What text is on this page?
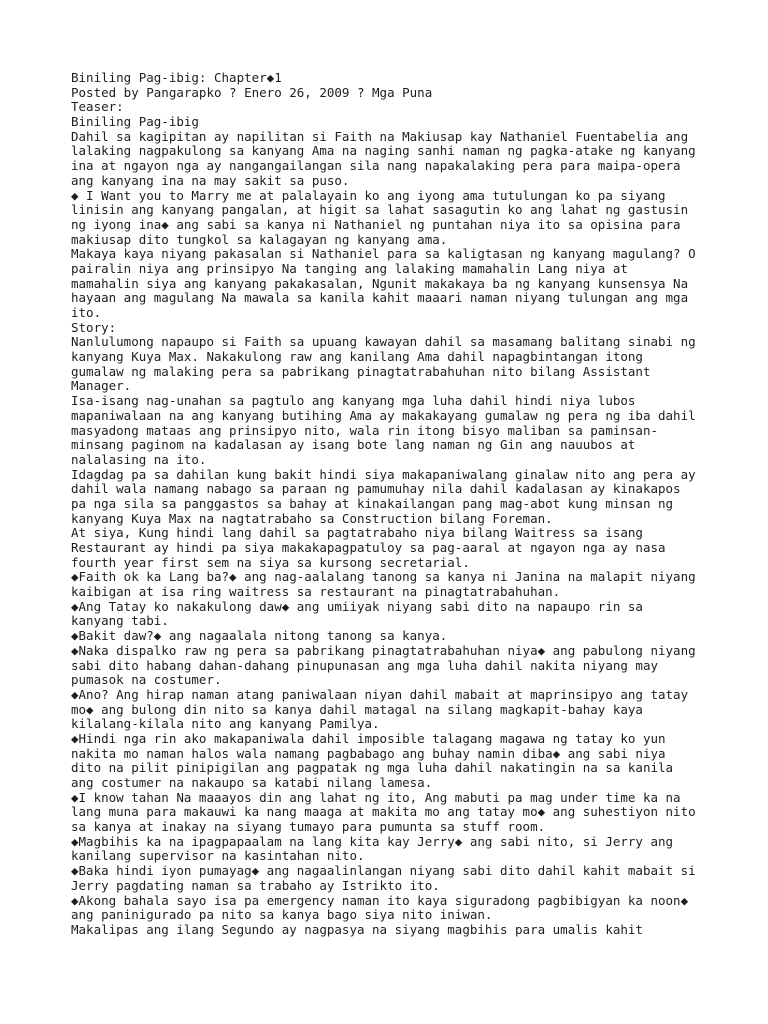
Biniling Pag-ibig: Chapter◆1
Posted by Pangarapko ? Enero 26, 2009 ? Mga Puna
Teaser:
Biniling Pag-ibig
Dahil sa kagipitan ay napilitan si Faith na Makiusap kay Nathaniel Fuentabelia ang
lalaking nagpakulong sa kanyang Ama na naging sanhi naman ng pagka-atake ng kanyang
ina at ngayon nga ay nangangailangan sila nang napakalaking pera para maipa-opera
ang kanyang ina na may sakit sa puso.
◆ I Want you to Marry me at palalayain ko ang iyong ama tutulungan ko pa siyang
linisin ang kanyang pangalan, at higit sa lahat sasagutin ko ang lahat ng gastusin
ng iyong ina◆ ang sabi sa kanya ni Nathaniel ng puntahan niya ito sa opisina para
makiusap dito tungkol sa kalagayan ng kanyang ama.
Makaya kaya niyang pakasalan si Nathaniel para sa kaligtasan ng kanyang magulang? O
pairalin niya ang prinsipyo Na tanging ang lalaking mamahalin Lang niya at
mamahalin siya ang kanyang pakakasalan, Ngunit makakaya ba ng kanyang kunsensya Na
hayaan ang magulang Na mawala sa kanila kahit maaari naman niyang tulungan ang mga
ito.
Story:
Nanlulumong napaupo si Faith sa upuang kawayan dahil sa masamang balitang sinabi ng
kanyang Kuya Max. Nakakulong raw ang kanilang Ama dahil napagbintangan itong
gumalaw ng malaking pera sa pabrikang pinagtatrabahuhan nito bilang Assistant
Manager.
Isa-isang nag-unahan sa pagtulo ang kanyang mga luha dahil hindi niya lubos
mapaniwalaan na ang kanyang butihing Ama ay makakayang gumalaw ng pera ng iba dahil
masyadong mataas ang prinsipyo nito, wala rin itong bisyo maliban sa paminsan-
minsang paginom na kadalasan ay isang bote lang naman ng Gin ang nauubos at
nalalasing na ito.
Idagdag pa sa dahilan kung bakit hindi siya makapaniwalang ginalaw nito ang pera ay
dahil wala namang nabago sa paraan ng pamumuhay nila dahil kadalasan ay kinakapos
pa nga sila sa panggastos sa bahay at kinakailangan pang mag-abot kung minsan ng
kanyang Kuya Max na nagtatrabaho sa Construction bilang Foreman.
At siya, Kung hindi lang dahil sa pagtatrabaho niya bilang Waitress sa isang
Restaurant ay hindi pa siya makakapagpatuloy sa pag-aaral at ngayon nga ay nasa
fourth year first sem na siya sa kursong secretarial.
◆Faith ok ka Lang ba?◆ ang nag-aalalang tanong sa kanya ni Janina na malapit niyang
kaibigan at isa ring waitress sa restaurant na pinagtatrabahuhan.
◆Ang Tatay ko nakakulong daw◆ ang umiiyak niyang sabi dito na napaupo rin sa
kanyang tabi.
◆Bakit daw?◆ ang nagaalala nitong tanong sa kanya.
◆Naka dispalko raw ng pera sa pabrikang pinagtatrabahuhan niya◆ ang pabulong niyang
sabi dito habang dahan-dahang pinupunasan ang mga luha dahil nakita niyang may
pumasok na costumer.
◆Ano? Ang hirap naman atang paniwalaan niyan dahil mabait at maprinsipyo ang tatay
mo◆ ang bulong din nito sa kanya dahil matagal na silang magkapit-bahay kaya
kilalang-kilala nito ang kanyang Pamilya.
◆Hindi nga rin ako makapaniwala dahil imposible talagang magawa ng tatay ko yun
nakita mo naman halos wala namang pagbabago ang buhay namin diba◆ ang sabi niya
dito na pilit pinipigilan ang pagpatak ng mga luha dahil nakatingin na sa kanila
ang costumer na nakaupo sa katabi nilang lamesa.
◆I know tahan Na maaayos din ang lahat ng ito, Ang mabuti pa mag under time ka na
lang muna para makauwi ka nang maaga at makita mo ang tatay mo◆ ang suhestiyon nito
sa kanya at inakay na siyang tumayo para pumunta sa stuff room.
◆Magbihis ka na ipagpapaalam na lang kita kay Jerry◆ ang sabi nito, si Jerry ang
kanilang supervisor na kasintahan nito.
◆Baka hindi iyon pumayag◆ ang nagaalinlangan niyang sabi dito dahil kahit mabait si
Jerry pagdating naman sa trabaho ay Istrikto ito.
◆Akong bahala sayo isa pa emergency naman ito kaya siguradong pagbibigyan ka noon◆
ang paniniguradо pa nito sa kanya bago siya nito iniwan.
Makalipas ang ilang Segundo ay nagpasya na siyang magbihis para umalis kahit
